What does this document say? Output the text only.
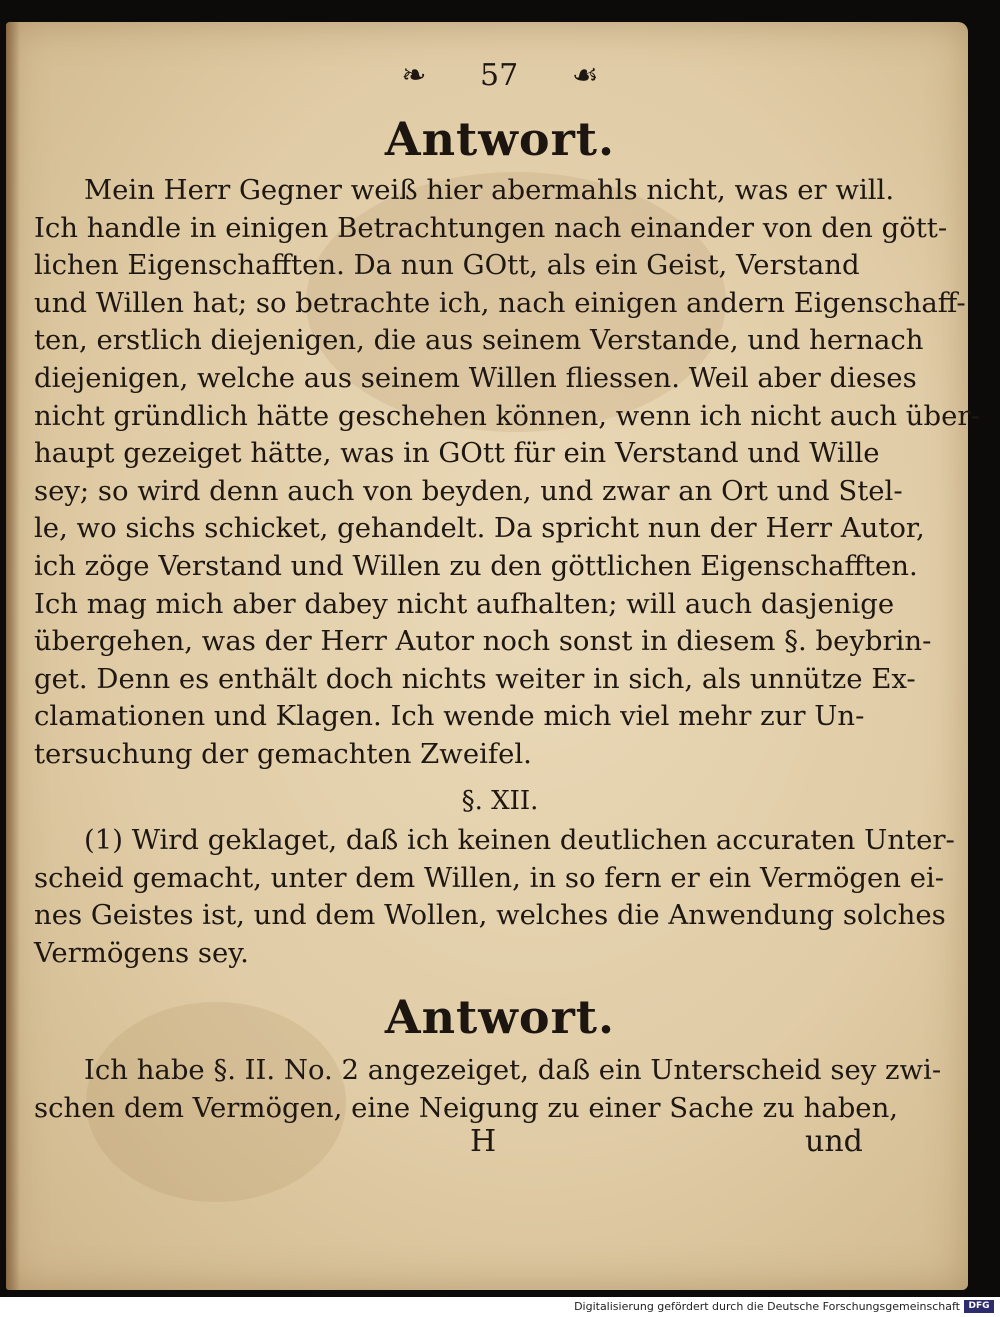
❧ 57 ☙
Antwort.
Mein Herr Gegner weiß hier abermahls nicht, was er will.
Ich handle in einigen Betrachtungen nach einander von den gött-
lichen Eigenschafften. Da nun GOtt, als ein Geist, Verstand
und Willen hat; so betrachte ich, nach einigen andern Eigenschaff-
ten, erstlich diejenigen, die aus seinem Verstande, und hernach
diejenigen, welche aus seinem Willen fliessen. Weil aber dieses
nicht gründlich hätte geschehen können, wenn ich nicht auch über-
haupt gezeiget hätte, was in GOtt für ein Verstand und Wille
sey; so wird denn auch von beyden, und zwar an Ort und Stel-
le, wo sichs schicket, gehandelt. Da spricht nun der Herr Autor,
ich zöge Verstand und Willen zu den göttlichen Eigenschafften.
Ich mag mich aber dabey nicht aufhalten; will auch dasjenige
übergehen, was der Herr Autor noch sonst in diesem §. beybrin-
get. Denn es enthält doch nichts weiter in sich, als unnütze Ex-
clamationen und Klagen. Ich wende mich viel mehr zur Un-
tersuchung der gemachten Zweifel.
§. XII.
(1) Wird geklaget, daß ich keinen deutlichen accuraten Unter-
scheid gemacht, unter dem Willen, in so fern er ein Vermögen ei-
nes Geistes ist, und dem Wollen, welches die Anwendung solches
Vermögens sey.
Antwort.
Ich habe §. II. No. 2 angezeiget, daß ein Unterscheid sey zwi-
schen dem Vermögen, eine Neigung zu einer Sache zu haben,
H	und
Digitalisierung gefördert durch die Deutsche Forschungsgemeinschaft DFG
